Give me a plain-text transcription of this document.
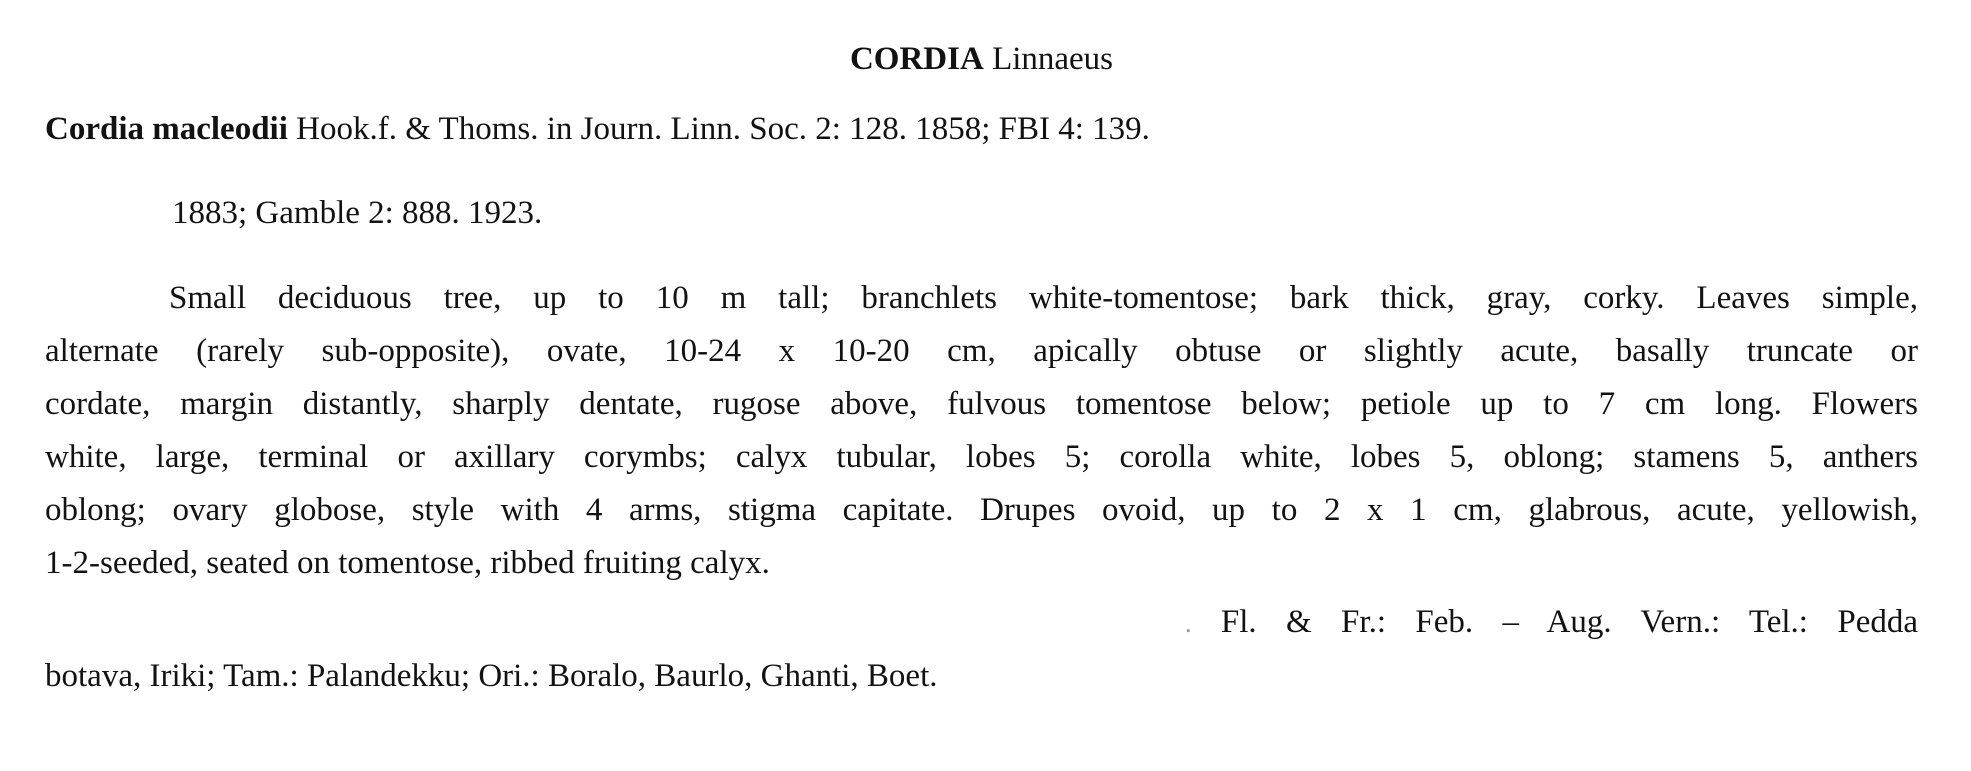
CORDIA Linnaeus
Cordia macleodii Hook.f. & Thoms. in Journ. Linn. Soc. 2: 128. 1858; FBI 4: 139.
1883; Gamble 2: 888. 1923.
Small deciduous tree, up to 10 m tall; branchlets white-tomentose; bark thick, gray, corky. Leaves simple,
alternate (rarely sub-opposite), ovate, 10-24 x 10-20 cm, apically obtuse or slightly acute, basally truncate or
cordate, margin distantly, sharply dentate, rugose above, fulvous tomentose below; petiole up to 7 cm long. Flowers
white, large, terminal or axillary corymbs; calyx tubular, lobes 5; corolla white, lobes 5, oblong; stamens 5, anthers
oblong; ovary globose, style with 4 arms, stigma capitate. Drupes ovoid, up to 2 x 1 cm, glabrous, acute, yellowish,
1-2-seeded, seated on tomentose, ribbed fruiting calyx.
. Fl. & Fr.: Feb. – Aug. Vern.: Tel.: Pedda
botava, Iriki; Tam.: Palandekku; Ori.: Boralo, Baurlo, Ghanti, Boet.
